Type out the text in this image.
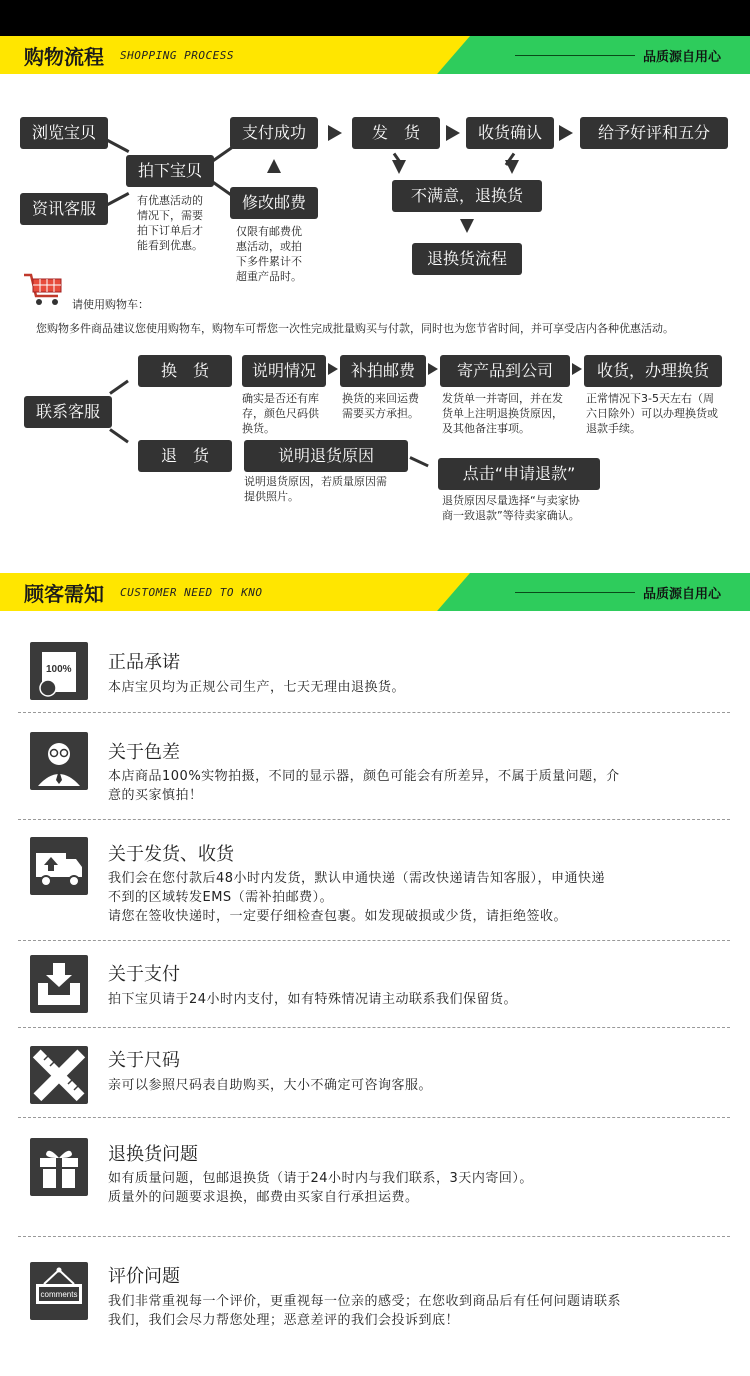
购物流程 SHOPPING PROCESS	品质源自用心
浏览宝贝
资讯客服
拍下宝贝
有优惠活动的
情况下，需要
拍下订单后才
能看到优惠。
支付成功
修改邮费
仅限有邮费优
惠活动，或拍
下多件累计不
超重产品时。
发　货	收货确认	给予好评和五分
不满意，退换货
退换货流程
请使用购物车：
您购物多件商品建议您使用购物车，购物车可帮您一次性完成批量购买与付款，同时也为您节省时间，并可享受店内各种优惠活动。
联系客服
换　货
退　货
说明情况
确实是否还有库
存，颜色尺码供
换货。
补拍邮费
换货的来回运费
需要买方承担。
寄产品到公司
发货单一并寄回，并在发
货单上注明退换货原因，
及其他备注事项。
收货，办理换货
正常情况下3-5天左右（周
六日除外）可以办理换货或
退款手续。
说明退货原因
说明退货原因，若质量原因需
提供照片。
点击“申请退款”
退货原因尽量选择“与卖家协
商一致退款”等待卖家确认。
顾客需知 CUSTOMER NEED TO KNO	品质源自用心
100% 正品承诺
本店宝贝均为正规公司生产，七天无理由退换货。
关于色差
本店商品100%实物拍摄，不同的显示器，颜色可能会有所差异，不属于质量问题，介
意的买家慎拍！
关于发货、收货
我们会在您付款后48小时内发货，默认申通快递（需改快递请告知客服），申通快递
不到的区域转发EMS（需补拍邮费）。
请您在签收快递时，一定要仔细检查包裹。如发现破损或少货，请拒绝签收。
关于支付
拍下宝贝请于24小时内支付，如有特殊情况请主动联系我们保留货。
关于尺码
亲可以参照尺码表自助购买，大小不确定可咨询客服。
退换货问题
如有质量问题，包邮退换货（请于24小时内与我们联系，3天内寄回）。
质量外的问题要求退换，邮费由买家自行承担运费。
comments
评价问题
我们非常重视每一个评价，更重视每一位亲的感受；在您收到商品后有任何问题请联系
我们，我们会尽力帮您处理；恶意差评的我们会投诉到底！
